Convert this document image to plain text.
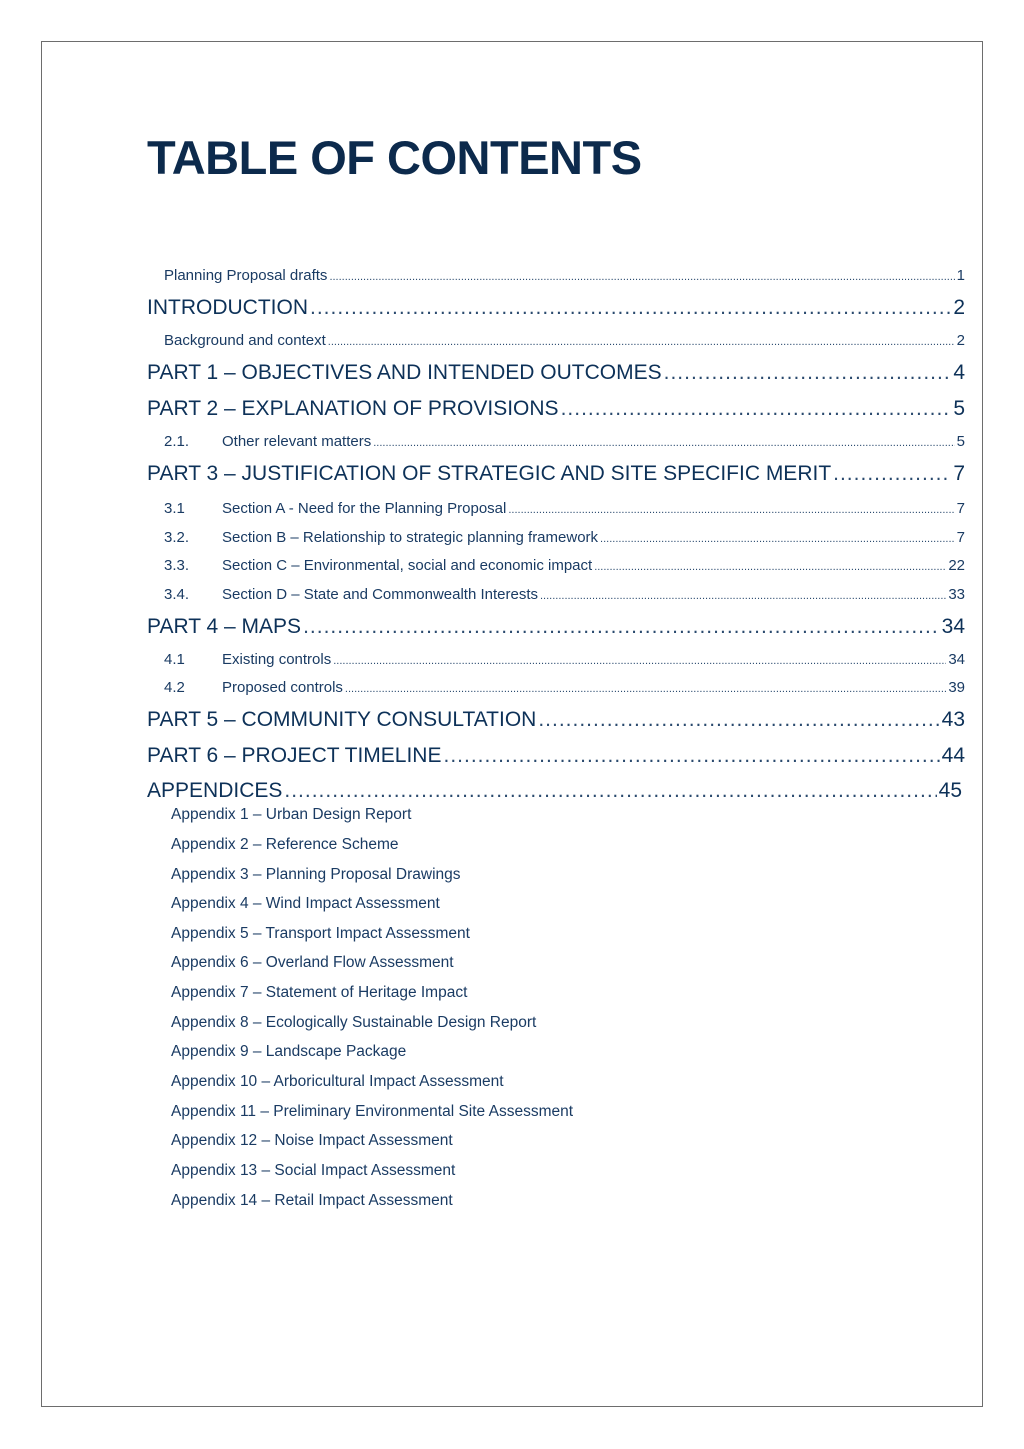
TABLE OF CONTENTS
Planning Proposal drafts .....	1
INTRODUCTION .....	2
Background and context .....	2
PART 1 – OBJECTIVES AND INTENDED OUTCOMES .....	4
PART 2 – EXPLANATION OF PROVISIONS .....	5
2.1.	Other relevant matters .....	5
PART 3 – JUSTIFICATION OF STRATEGIC AND SITE SPECIFIC MERIT .....	7
3.1	Section A - Need for the Planning Proposal .....	7
3.2.	Section B – Relationship to strategic planning framework .....	7
3.3.	Section C – Environmental, social and economic impact .....	22
3.4.	Section D – State and Commonwealth Interests .....	33
PART 4 – MAPS .....	34
4.1	Existing controls .....	34
4.2	Proposed controls .....	39
PART 5 – COMMUNITY CONSULTATION .....	43
PART 6 – PROJECT TIMELINE .....	44
APPENDICES .....	45
Appendix 1 – Urban Design Report
Appendix 2 – Reference Scheme
Appendix 3 – Planning Proposal Drawings
Appendix 4 – Wind Impact Assessment
Appendix 5 – Transport Impact Assessment
Appendix 6 – Overland Flow Assessment
Appendix 7 – Statement of Heritage Impact
Appendix 8 – Ecologically Sustainable Design Report
Appendix 9 – Landscape Package
Appendix 10 – Arboricultural Impact Assessment
Appendix 11 – Preliminary Environmental Site Assessment
Appendix 12 – Noise Impact Assessment
Appendix 13 – Social Impact Assessment
Appendix 14 – Retail Impact Assessment
